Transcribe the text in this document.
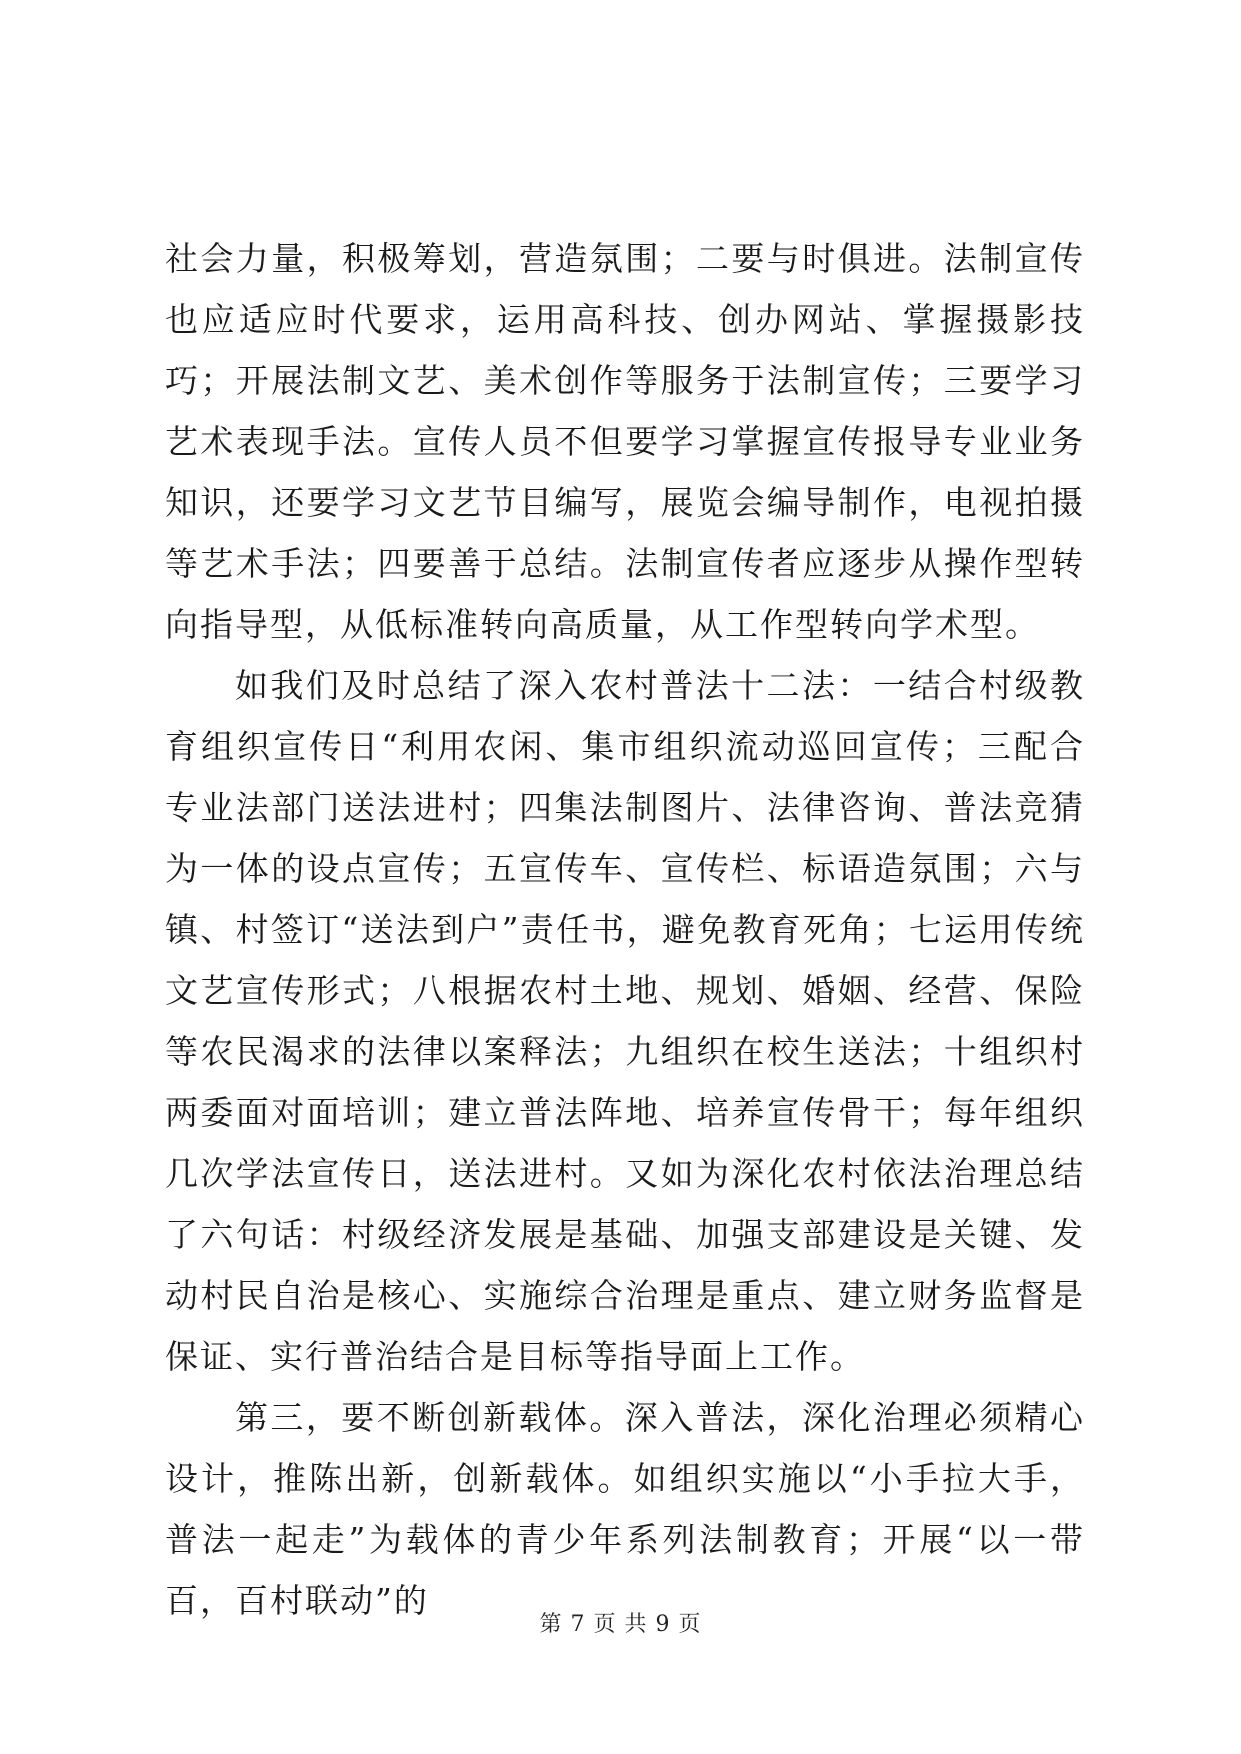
社会力量，积极筹划，营造氛围；二要与时俱进。法制宣传也应适应时代要求，运用高科技、创办网站、掌握摄影技巧；开展法制文艺、美术创作等服务于法制宣传；三要学习艺术表现手法。宣传人员不但要学习掌握宣传报导专业业务知识，还要学习文艺节目编写，展览会编导制作，电视拍摄等艺术手法；四要善于总结。法制宣传者应逐步从操作型转向指导型，从低标准转向高质量，从工作型转向学术型。

如我们及时总结了深入农村普法十二法：一结合村级教育组织宣传日“利用农闲、集市组织流动巡回宣传；三配合专业法部门送法进村；四集法制图片、法律咨询、普法竞猜为一体的设点宣传；五宣传车、宣传栏、标语造氛围；六与镇、村签订“送法到户”责任书，避免教育死角；七运用传统文艺宣传形式；八根据农村土地、规划、婚姻、经营、保险等农民渴求的法律以案释法；九组织在校生送法；十组织村两委面对面培训；建立普法阵地、培养宣传骨干；每年组织几次学法宣传日，送法进村。又如为深化农村依法治理总结了六句话：村级经济发展是基础、加强支部建设是关键、发动村民自治是核心、实施综合治理是重点、建立财务监督是保证、实行普治结合是目标等指导面上工作。

第三，要不断创新载体。深入普法，深化治理必须精心设计，推陈出新，创新载体。如组织实施以“小手拉大手，普法一起走”为载体的青少年系列法制教育；开展“以一带百，百村联动”的

第 7 页 共 9 页
